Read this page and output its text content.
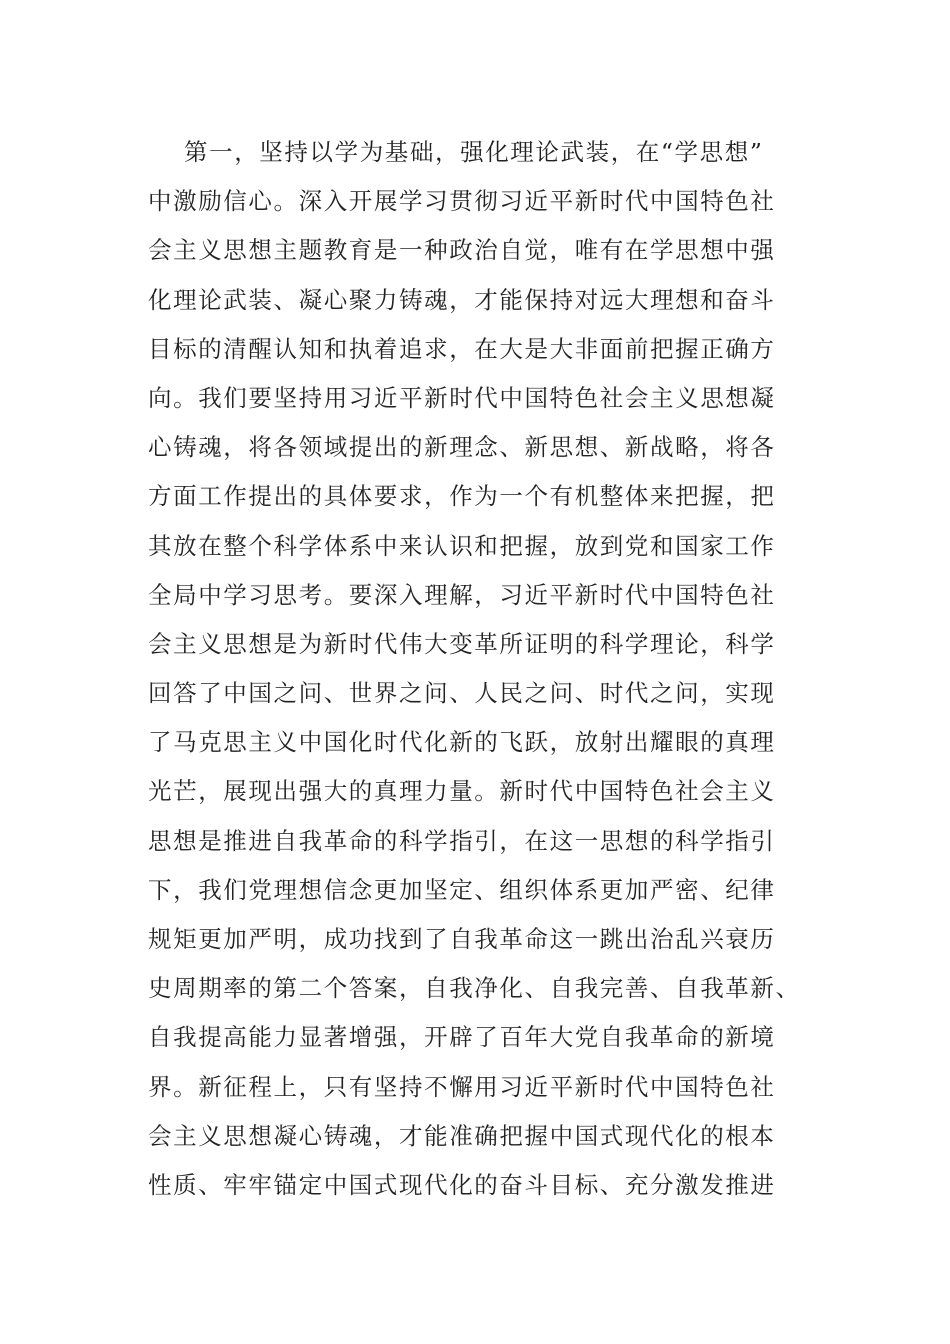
第一，坚持以学为基础，强化理论武装，在“学思想”
中激励信心。深入开展学习贯彻习近平新时代中国特色社
会主义思想主题教育是一种政治自觉，唯有在学思想中强
化理论武装、凝心聚力铸魂，才能保持对远大理想和奋斗
目标的清醒认知和执着追求，在大是大非面前把握正确方
向。我们要坚持用习近平新时代中国特色社会主义思想凝
心铸魂，将各领域提出的新理念、新思想、新战略，将各
方面工作提出的具体要求，作为一个有机整体来把握，把
其放在整个科学体系中来认识和把握，放到党和国家工作
全局中学习思考。要深入理解，习近平新时代中国特色社
会主义思想是为新时代伟大变革所证明的科学理论，科学
回答了中国之问、世界之问、人民之问、时代之问，实现
了马克思主义中国化时代化新的飞跃，放射出耀眼的真理
光芒，展现出强大的真理力量。新时代中国特色社会主义
思想是推进自我革命的科学指引，在这一思想的科学指引
下，我们党理想信念更加坚定、组织体系更加严密、纪律
规矩更加严明，成功找到了自我革命这一跳出治乱兴衰历
史周期率的第二个答案，自我净化、自我完善、自我革新、
自我提高能力显著增强，开辟了百年大党自我革命的新境
界。新征程上，只有坚持不懈用习近平新时代中国特色社
会主义思想凝心铸魂，才能准确把握中国式现代化的根本
性质、牢牢锚定中国式现代化的奋斗目标、充分激发推进
